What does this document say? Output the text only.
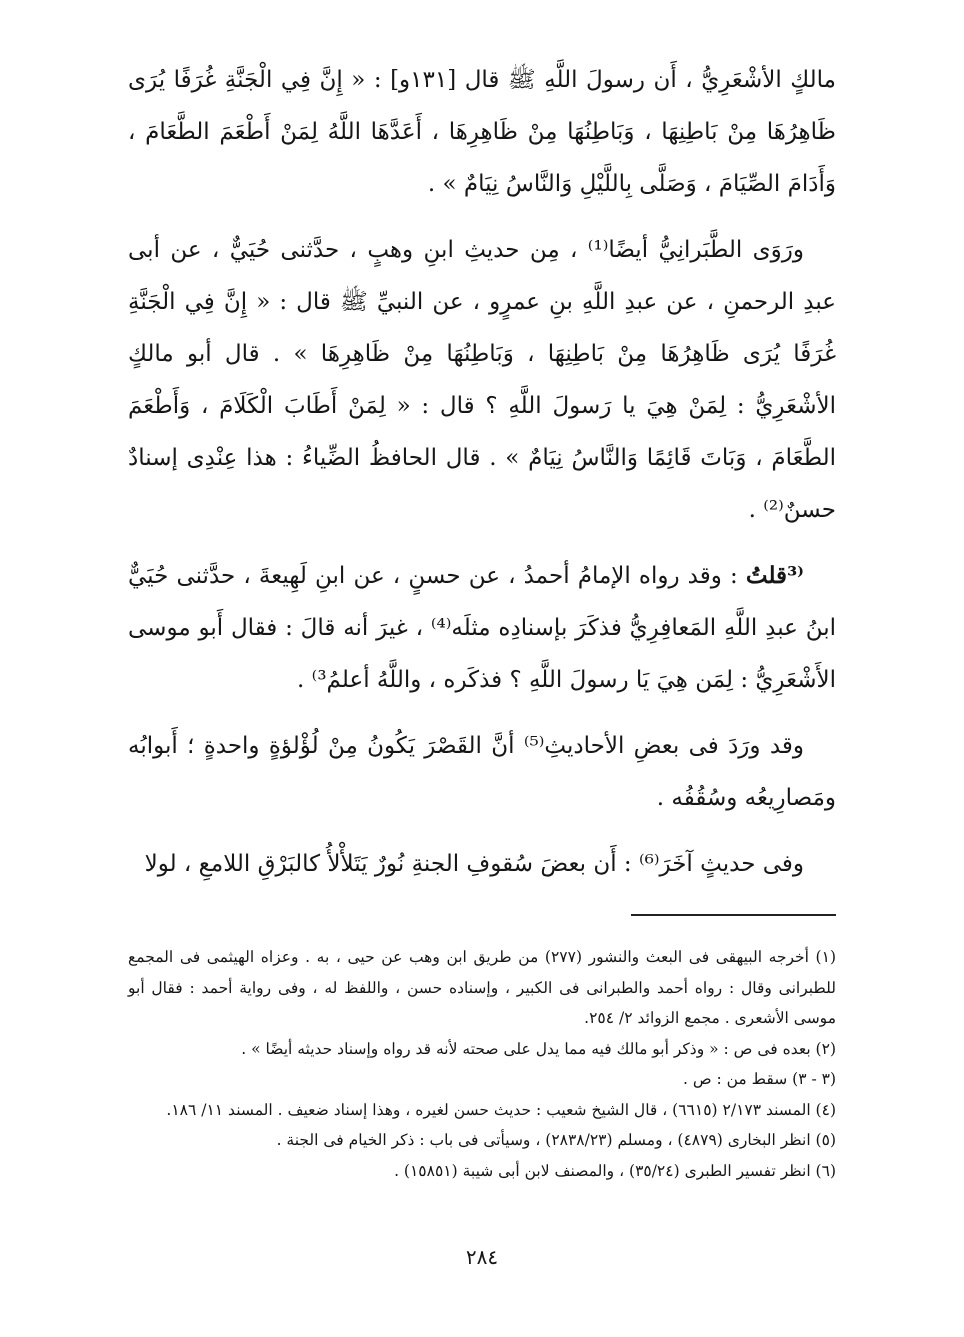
مالكٍ الأشْعَرِيُّ ، أَن رسولَ اللَّهِ ﷺ قال [١٣١و] : « إِنَّ فِي الْجَنَّةِ غُرَفًا يُرَى ظَاهِرُهَا مِنْ بَاطِنِهَا ، وَبَاطِنُهَا مِنْ ظَاهِرِهَا ، أَعَدَّهَا اللَّهُ لِمَنْ أَطْعَمَ الطَّعَامَ ، وَأَدَامَ الصِّيَامَ ، وَصَلَّى بِاللَّيْلِ وَالنَّاسُ نِيَامٌ » .

ورَوَى الطَّبَرانِيُّ أيضًا⁽¹⁾ ، مِن حديثِ ابنِ وهبٍ ، حدَّثنى حُيَيٌّ ، عن أبى عبدِ الرحمنِ ، عن عبدِ اللَّهِ بنِ عمرٍو ، عن النبيِّ ﷺ قال : « إِنَّ فِي الْجَنَّةِ غُرَفًا يُرَى ظَاهِرُهَا مِنْ بَاطِنِهَا ، وَبَاطِنُهَا مِنْ ظَاهِرِهَا » . قال أبو مالكٍ الأشْعَرِيُّ : لِمَنْ هِيَ يا رَسولَ اللَّهِ ؟ قال : « لِمَنْ أَطَابَ الْكَلَامَ ، وَأَطْعَمَ الطَّعَامَ ، وَبَاتَ قَائِمًا وَالنَّاسُ نِيَامٌ » . قال الحافظُ الضِّياءُ : هذا عِنْدِى إسنادٌ حسنٌ⁽²⁾ .

⁽³قلتُ : وقد رواه الإمامُ أحمدُ ، عن حسنٍ ، عن ابنِ لَهِيعةَ ، حدَّثنى حُيَيٌّ ابنُ عبدِ اللَّهِ المَعافِرِيُّ فذكَرَ بإسنادِه مثلَه⁽⁴⁾ ، غيرَ أنه قالَ : فقال أَبو موسى الأَشْعَرِيُّ : لِمَن هِيَ يَا رسولَ اللَّهِ ؟ فذكَره ، واللَّهُ أعلمُ³⁾ .

وقد ورَدَ فى بعضِ الأحاديثِ⁽⁵⁾ أنَّ القَصْرَ يَكُونُ مِنْ لُؤْلؤةٍ واحدةٍ ؛ أَبوابُه ومَصارِيعُه وسُقُفُه .

وفى حديثٍ آخَرَ⁽⁶⁾ : أَن بعضَ سُقوفِ الجنةِ نُورٌ يَتَلأْلأُ كالبَرْقِ اللامعِ ، لولا

(١) أخرجه البيهقى فى البعث والنشور (٢٧٧) من طريق ابن وهب عن حيى ، به . وعزاه الهيثمى فى المجمع للطبرانى وقال : رواه أحمد والطبرانى فى الكبير ، وإسناده حسن ، واللفظ له ، وفى رواية أحمد : فقال أبو موسى الأشعرى . مجمع الزوائد ٢/ ٢٥٤.

(٢) بعده فى ص : « وذكر أبو مالك فيه مما يدل على صحته لأنه قد رواه وإسناد حديثه أيضًا » .

(٣ - ٣) سقط من : ص .

(٤) المسند ٢/١٧٣ (٦٦١٥) ، قال الشيخ شعيب : حديث حسن لغيره ، وهذا إسناد ضعيف . المسند ١١/ ١٨٦.

(٥) انظر البخارى (٤٨٧٩) ، ومسلم (٢٨٣٨/٢٣) ، وسيأتى فى باب : ذكر الخيام فى الجنة .

(٦) انظر تفسير الطبرى (٣٥/٢٤) ، والمصنف لابن أبى شيبة (١٥٨٥١) .

٢٨٤
